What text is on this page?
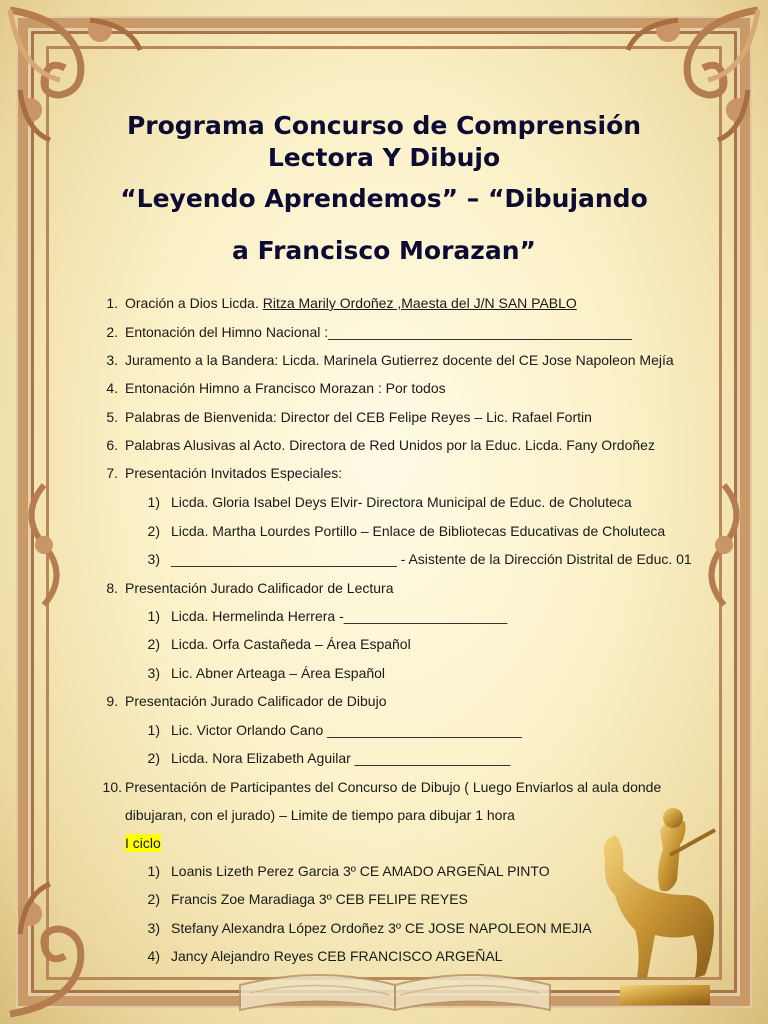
Programa Concurso de Comprensión
Lectora Y Dibujo
“Leyendo Aprendemos” – “Dibujando
a Francisco Morazan”
1. Oración a Dios Licda. Ritza Marily Ordoñez ,Maesta del J/N SAN PABLO
2. Entonación del Himno Nacional :_______________________________________
3. Juramento a la Bandera: Licda. Marinela Gutierrez docente del CE Jose Napoleon Mejía
4. Entonación Himno a Francisco Morazan : Por todos
5. Palabras de Bienvenida: Director del CEB Felipe Reyes – Lic. Rafael Fortin
6. Palabras Alusivas al Acto. Directora de Red Unidos por la Educ. Licda. Fany Ordoñez
7. Presentación Invitados Especiales:
1) Licda. Gloria Isabel Deys Elvir- Directora Municipal de Educ. de Choluteca
2) Licda. Martha Lourdes Portillo – Enlace de Bibliotecas Educativas de Choluteca
3) _____________________________ - Asistente de la Dirección Distrital de Educ. 01
8. Presentación Jurado Calificador de Lectura
1) Licda. Hermelinda Herrera -_____________________
2) Licda. Orfa Castañeda – Área Español
3) Lic. Abner Arteaga – Área Español
9. Presentación Jurado Calificador de Dibujo
1) Lic. Victor Orlando Cano _________________________
2) Licda. Nora Elizabeth Aguilar ____________________
10. Presentación de Participantes del Concurso de Dibujo ( Luego Enviarlos al aula donde
dibujaran, con el jurado) – Limite de tiempo para dibujar 1 hora
I ciclo
1) Loanis Lizeth Perez Garcia 3º CE AMADO ARGEÑAL PINTO
2) Francis Zoe Maradiaga 3º CEB FELIPE REYES
3) Stefany Alexandra López Ordoñez 3º CE JOSE NAPOLEON MEJIA
4) Jancy Alejandro Reyes CEB FRANCISCO ARGEÑAL
